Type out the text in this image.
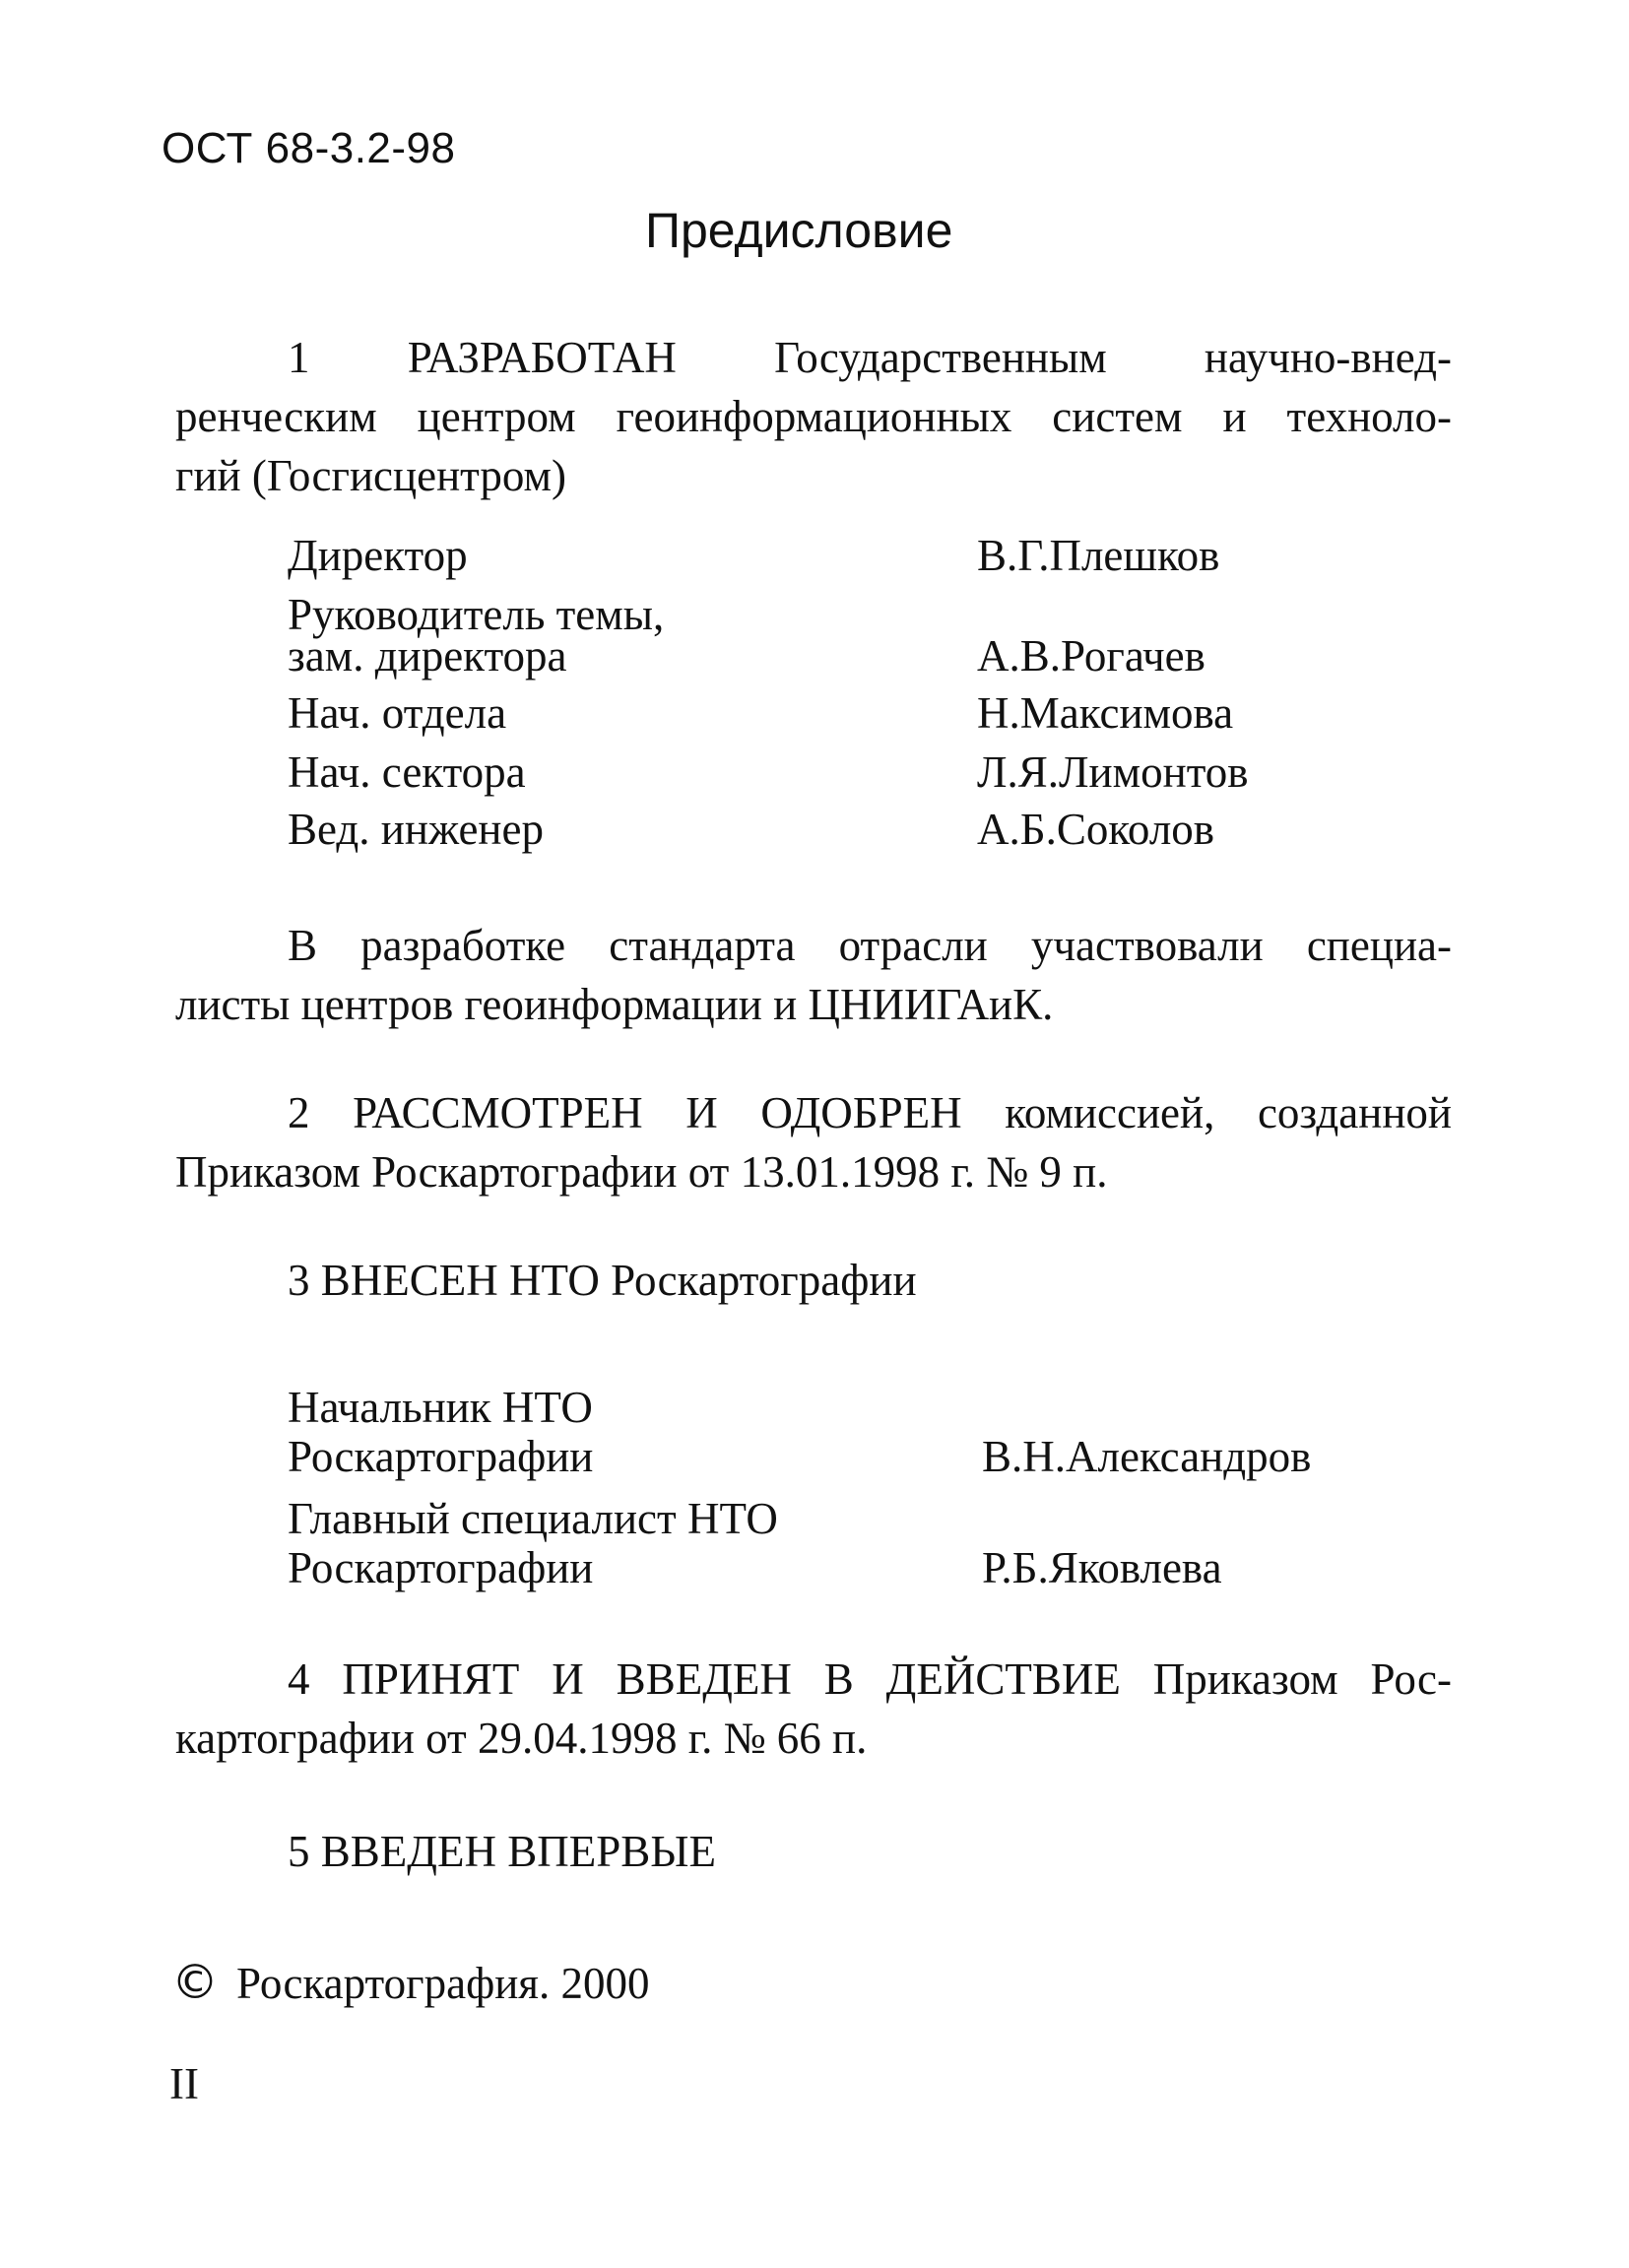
ОСТ 68-3.2-98
Предисловие
1 РАЗРАБОТАН Государственным научно-внед-
ренческим центром геоинформационных систем и техноло-
гий (Госгисцентром)
Директор	В.Г.Плешков
Руководитель темы,
зам. директора	А.В.Рогачев
Нач. отдела	Н.Максимова
Нач. сектора	Л.Я.Лимонтов
Вед. инженер	А.Б.Соколов
В разработке стандарта отрасли участвовали специа-
листы центров геоинформации и ЦНИИГАиК.
2 РАССМОТРЕН И ОДОБРЕН комиссией, созданной
Приказом Роскартографии от 13.01.1998 г. № 9 п.
3 ВНЕСЕН НТО Роскартографии
Начальник НТО
Роскартографии	В.Н.Александров
Главный специалист НТО
Роскартографии	Р.Б.Яковлева
4 ПРИНЯТ И ВВЕДЕН В ДЕЙСТВИЕ Приказом Рос-
картографии от 29.04.1998 г. № 66 п.
5 ВВЕДЕН ВПЕРВЫЕ
© Роскартография. 2000
II
